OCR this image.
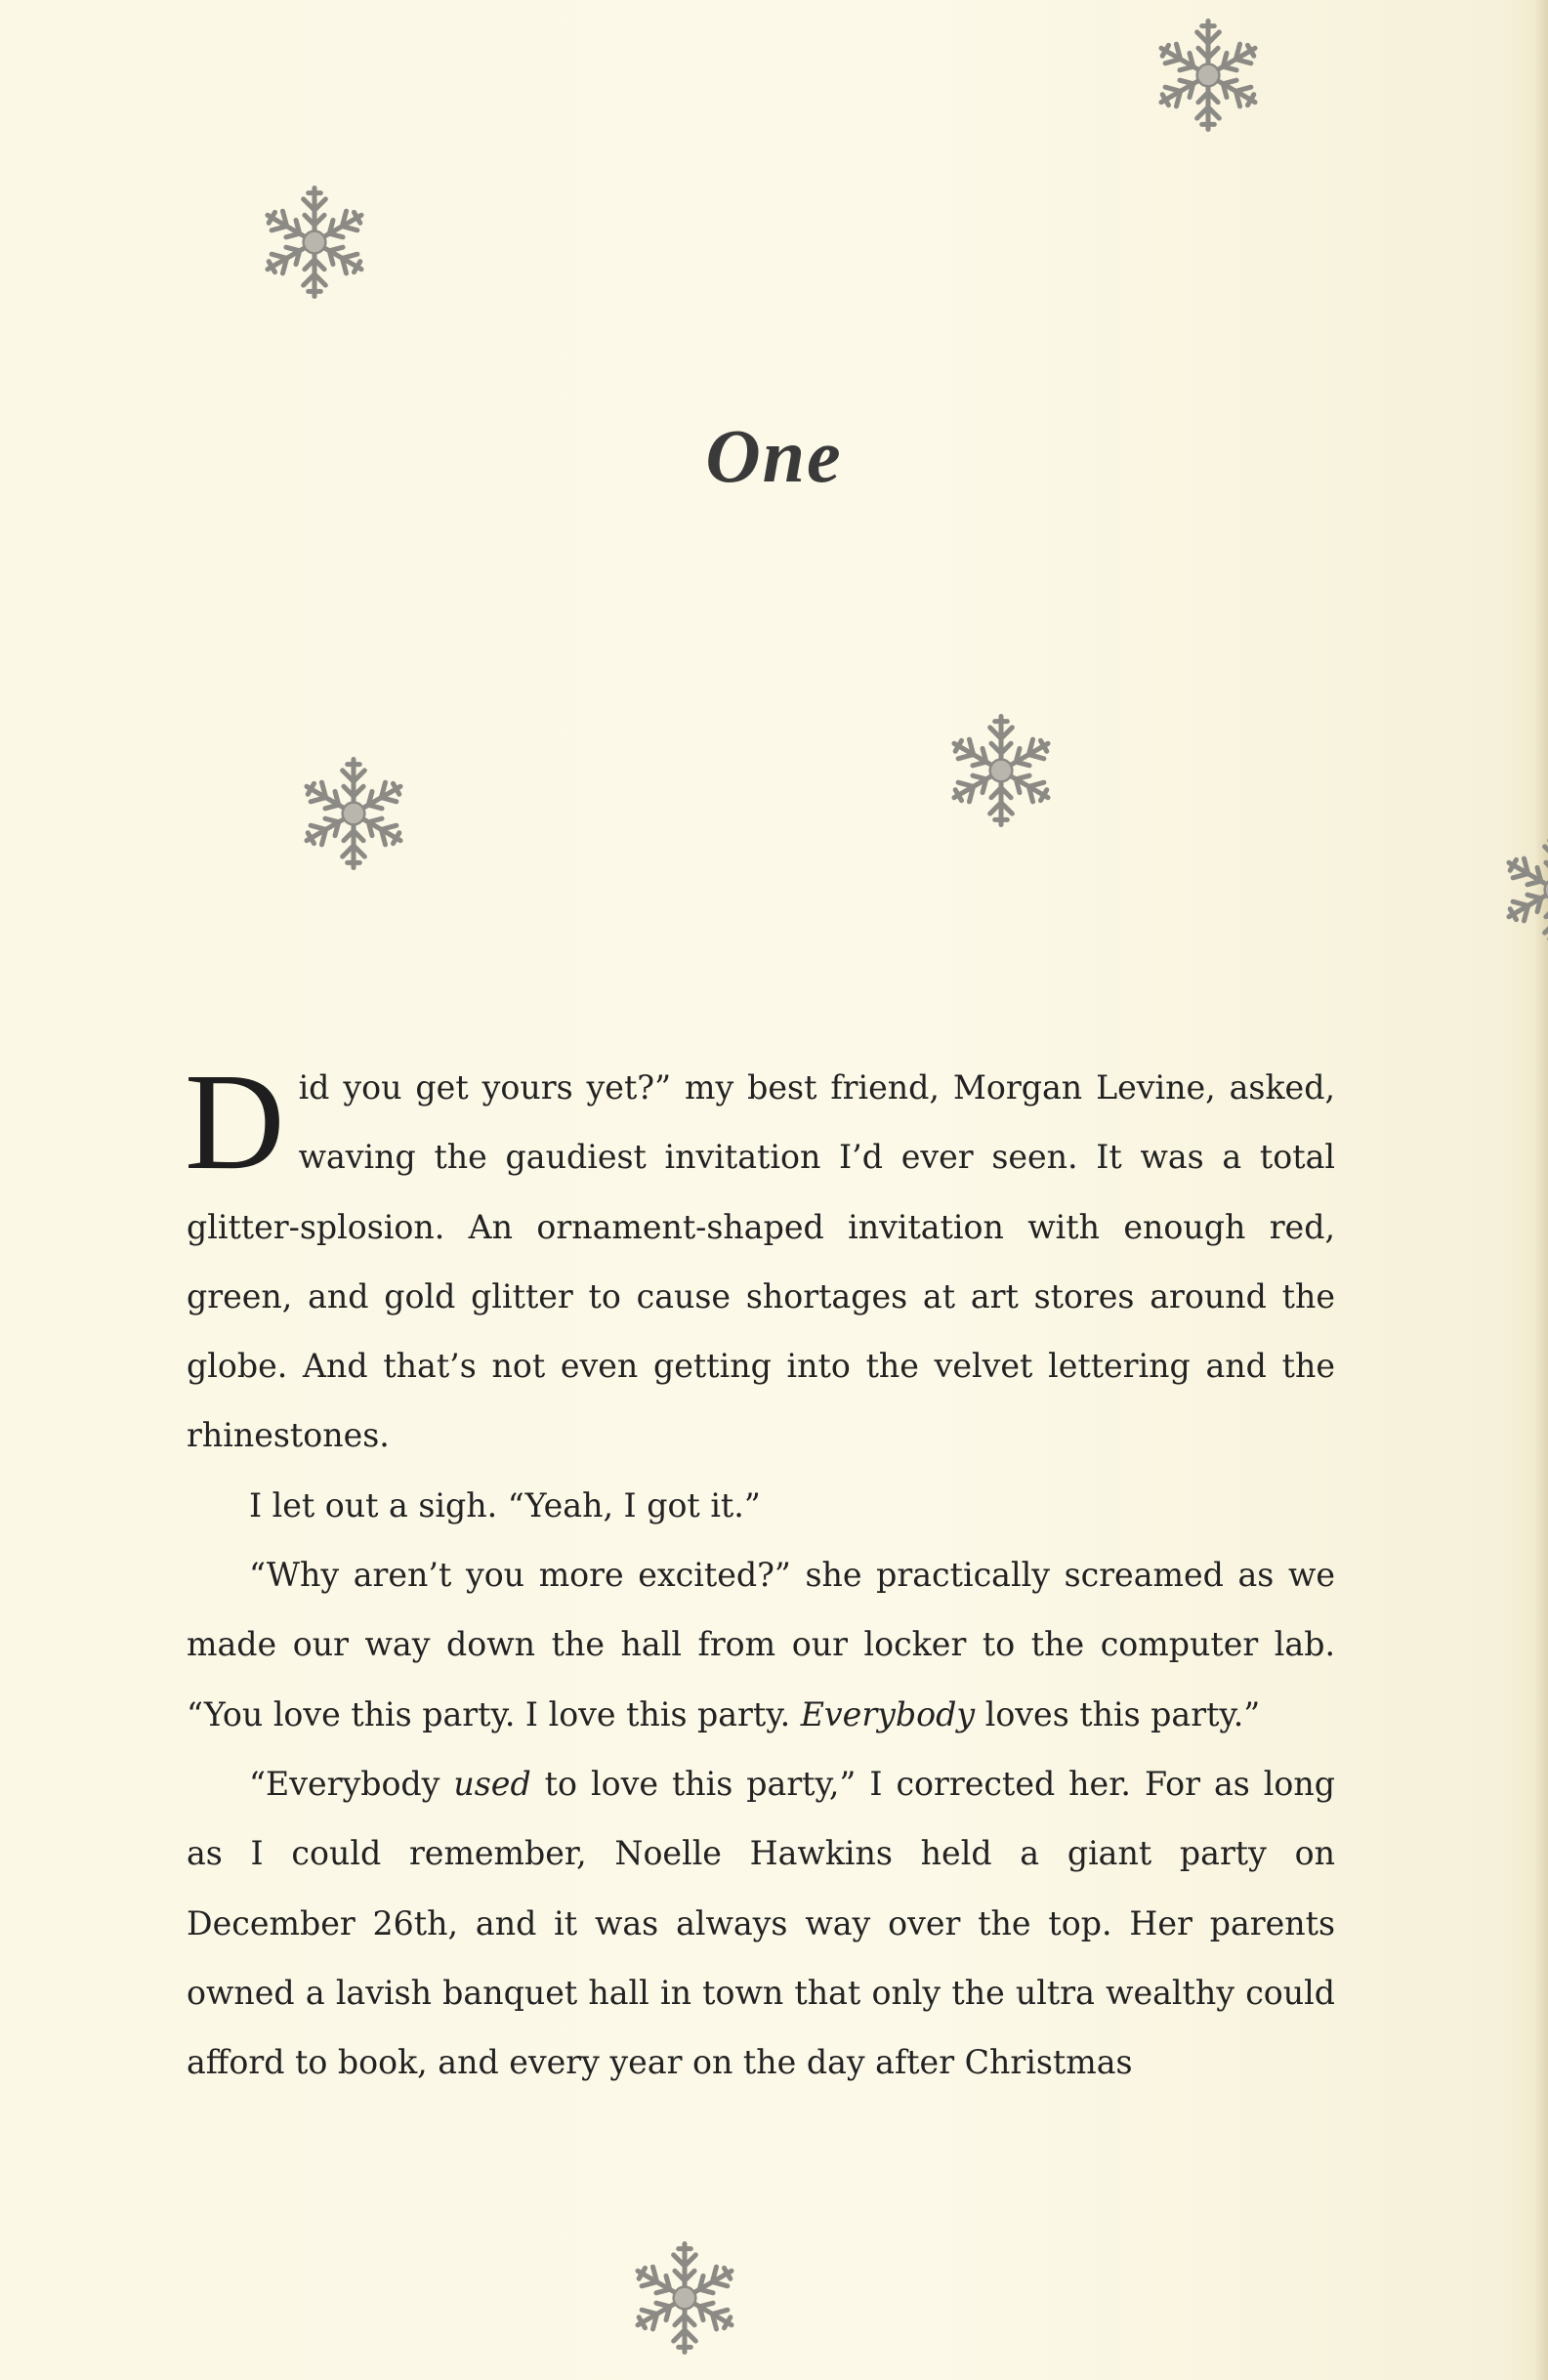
One

Did you get yours yet?” my best friend, Morgan Levine, asked, waving the gaudiest invitation I’d ever seen. It was a total glitter-splosion. An ornament-shaped invitation with enough red, green, and gold glitter to cause shortages at art stores around the globe. And that’s not even getting into the velvet lettering and the rhinestones.

I let out a sigh. “Yeah, I got it.”

“Why aren’t you more excited?” she practically screamed as we made our way down the hall from our locker to the computer lab. “You love this party. I love this party. Everybody loves this party.”

“Everybody used to love this party,” I corrected her. For as long as I could remember, Noelle Hawkins held a giant party on December 26th, and it was always way over the top. Her parents owned a lavish banquet hall in town that only the ultra wealthy could afford to book, and every year on the day after Christmas
